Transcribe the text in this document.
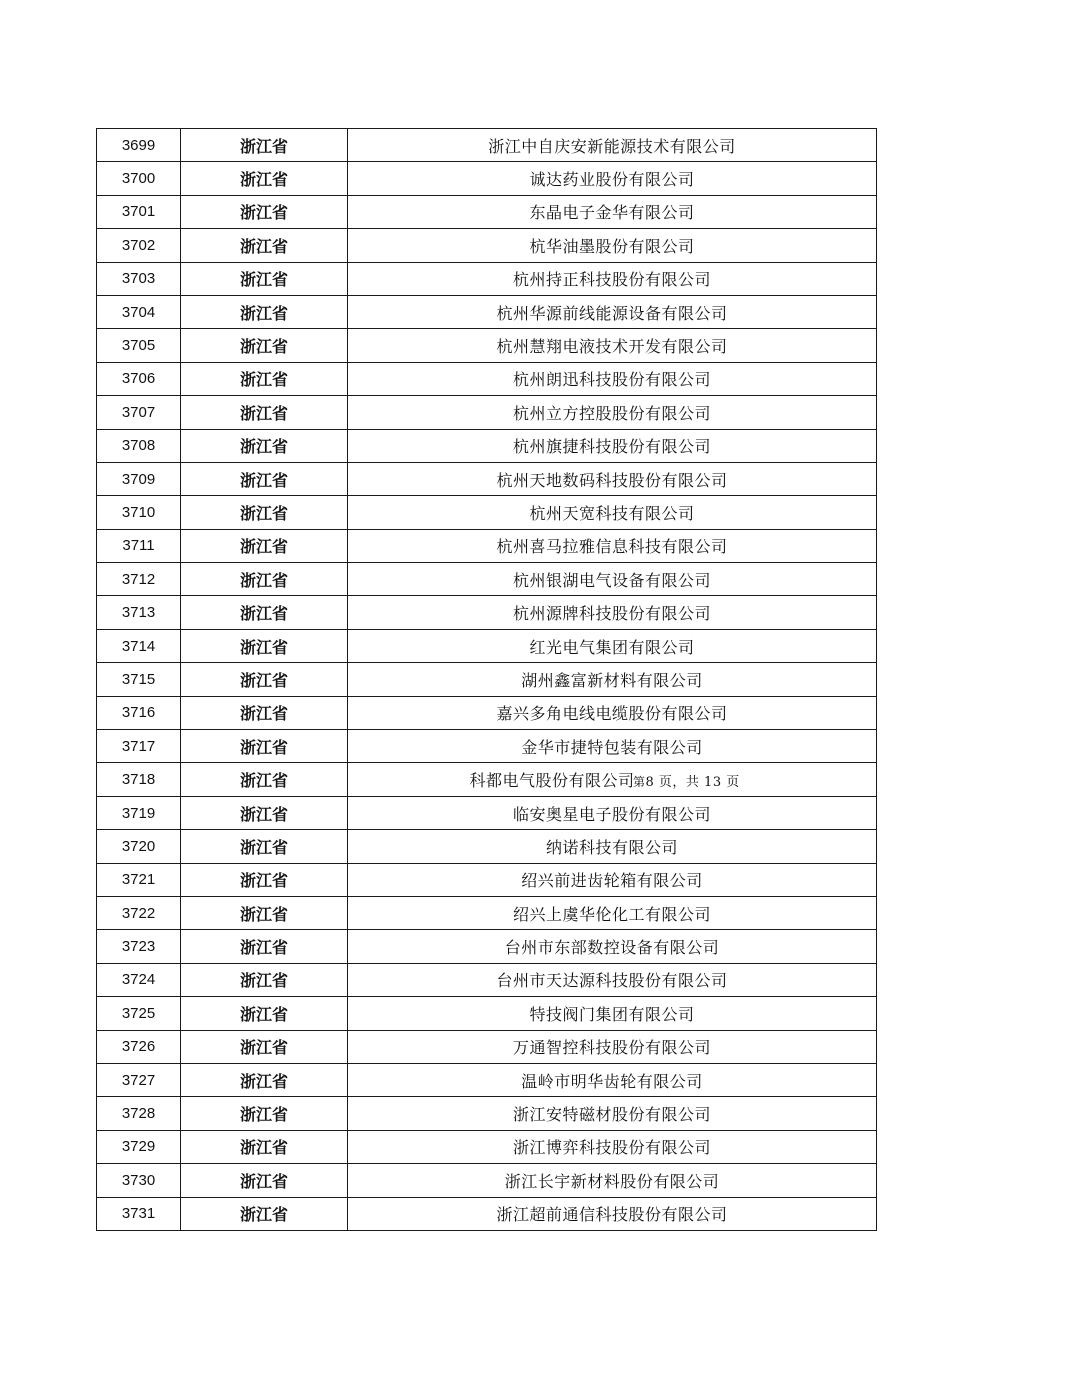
3699	浙江省	浙江中自庆安新能源技术有限公司
3700	浙江省	诚达药业股份有限公司
3701	浙江省	东晶电子金华有限公司
3702	浙江省	杭华油墨股份有限公司
3703	浙江省	杭州持正科技股份有限公司
3704	浙江省	杭州华源前线能源设备有限公司
3705	浙江省	杭州慧翔电液技术开发有限公司
3706	浙江省	杭州朗迅科技股份有限公司
3707	浙江省	杭州立方控股股份有限公司
3708	浙江省	杭州旗捷科技股份有限公司
3709	浙江省	杭州天地数码科技股份有限公司
3710	浙江省	杭州天宽科技有限公司
3711	浙江省	杭州喜马拉雅信息科技有限公司
3712	浙江省	杭州银湖电气设备有限公司
3713	浙江省	杭州源牌科技股份有限公司
3714	浙江省	红光电气集团有限公司
3715	浙江省	湖州鑫富新材料有限公司
3716	浙江省	嘉兴多角电线电缆股份有限公司
3717	浙江省	金华市捷特包装有限公司
3718	浙江省	科都电气股份有限公司
第8 页，共 13 页

3719	浙江省	临安奥星电子股份有限公司
3720	浙江省	纳诺科技有限公司
3721	浙江省	绍兴前进齿轮箱有限公司
3722	浙江省	绍兴上虞华伦化工有限公司
3723	浙江省	台州市东部数控设备有限公司
3724	浙江省	台州市天达源科技股份有限公司
3725	浙江省	特技阀门集团有限公司
3726	浙江省	万通智控科技股份有限公司
3727	浙江省	温岭市明华齿轮有限公司
3728	浙江省	浙江安特磁材股份有限公司
3729	浙江省	浙江博弈科技股份有限公司
3730	浙江省	浙江长宇新材料股份有限公司
3731	浙江省	浙江超前通信科技股份有限公司
